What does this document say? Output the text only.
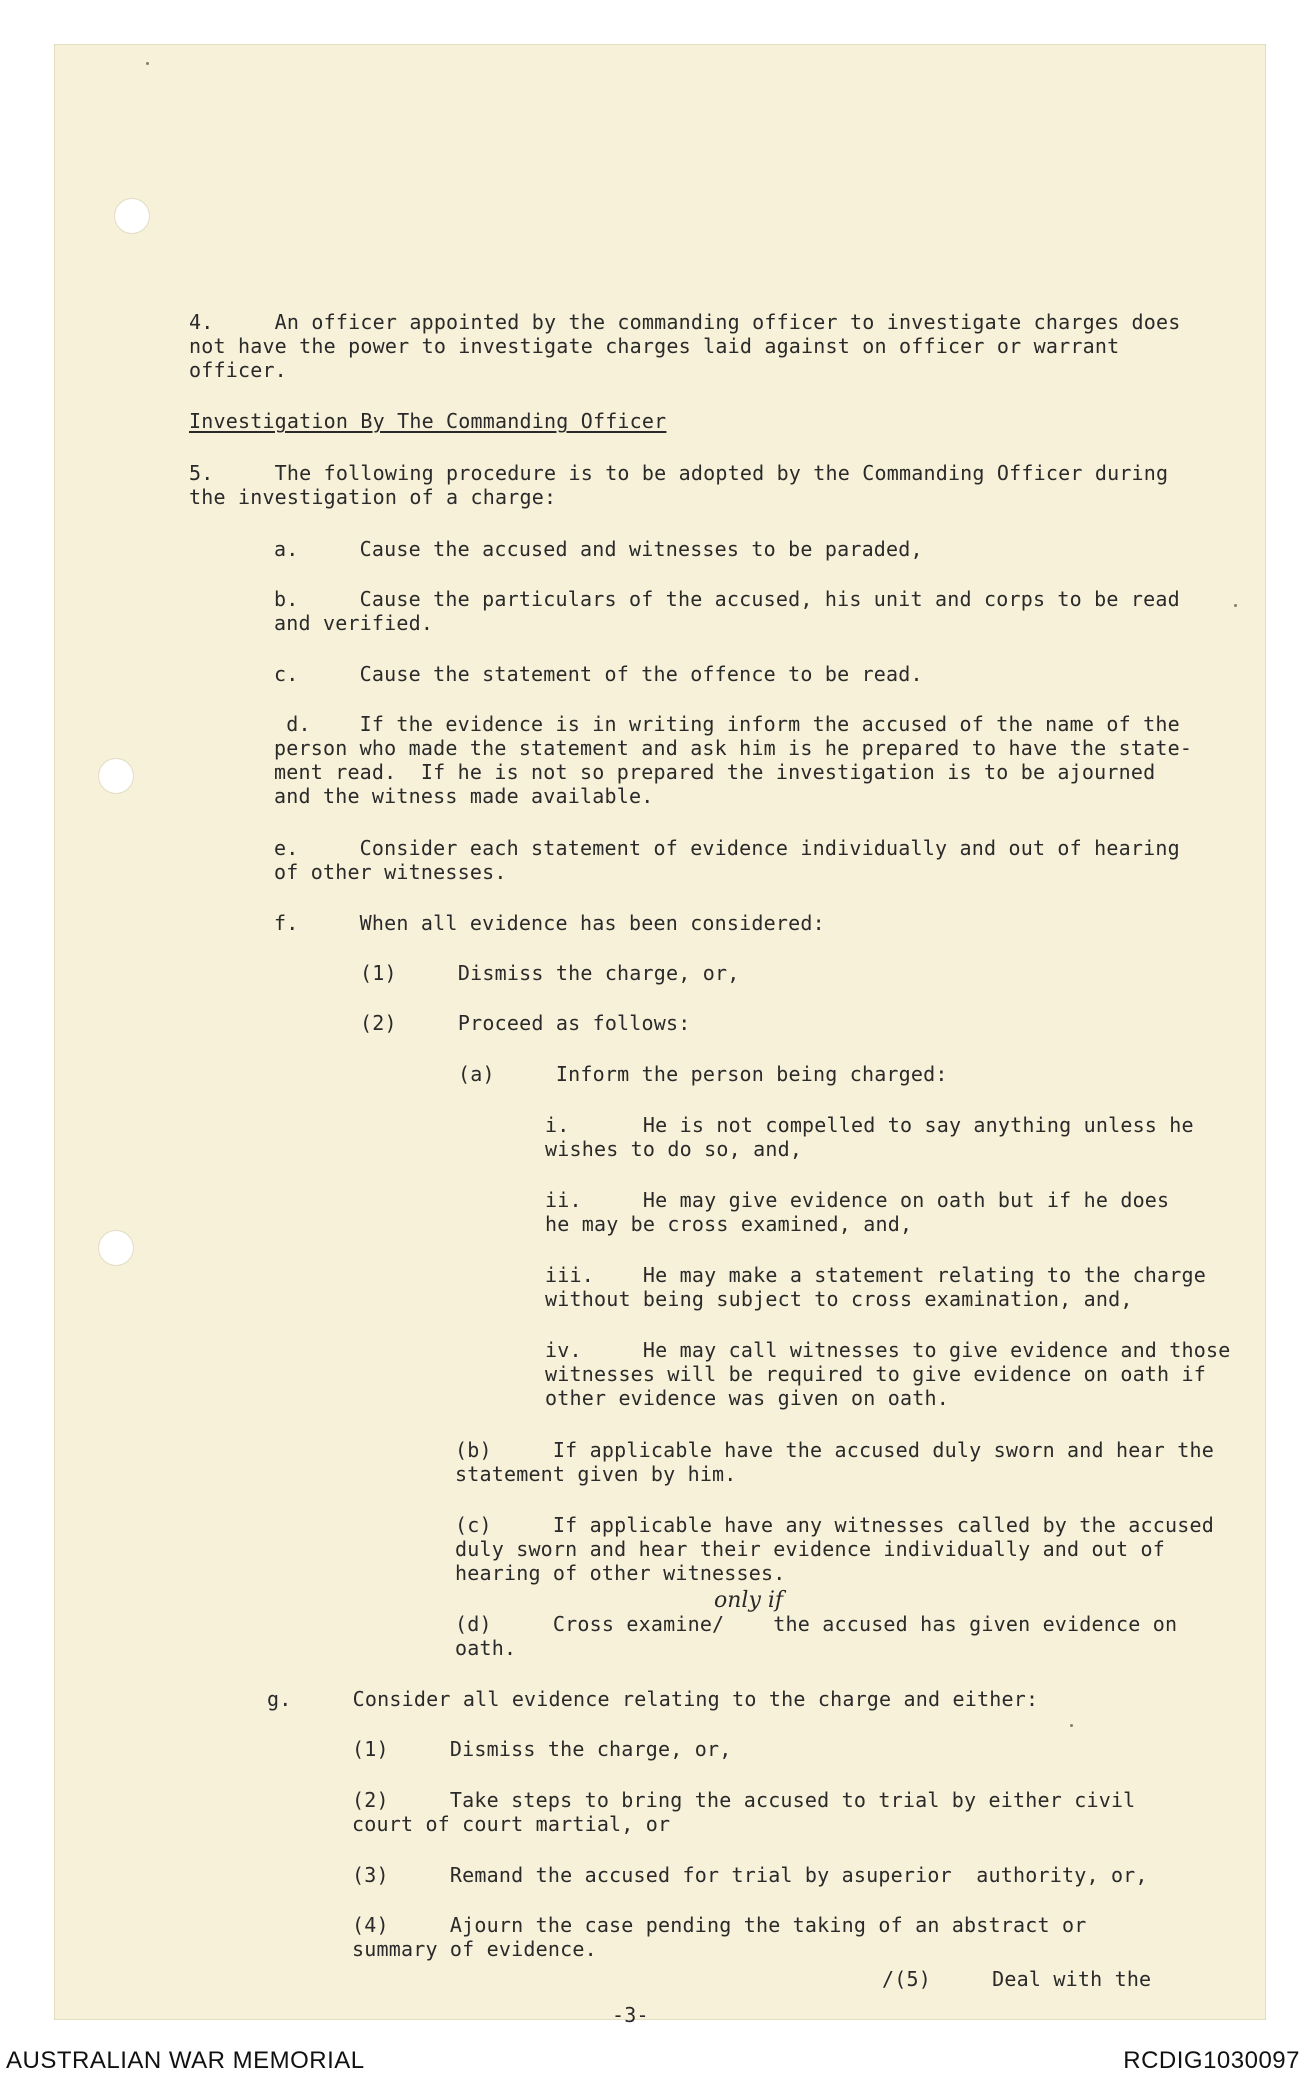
4.     An officer appointed by the commanding officer to investigate charges does
not have the power to investigate charges laid against on officer or warrant
officer.
Investigation By The Commanding Officer
5.     The following procedure is to be adopted by the Commanding Officer during
the investigation of a charge:
a.     Cause the accused and witnesses to be paraded,
b.     Cause the particulars of the accused, his unit and corps to be read
and verified.
c.     Cause the statement of the offence to be read.
d.    If the evidence is in writing inform the accused of the name of the
person who made the statement and ask him is he prepared to have the state-
ment read.  If he is not so prepared the investigation is to be ajourned
and the witness made available.
e.     Consider each statement of evidence individually and out of hearing
of other witnesses.
f.     When all evidence has been considered:
(1)     Dismiss the charge, or,
(2)     Proceed as follows:
(a)     Inform the person being charged:
i.      He is not compelled to say anything unless he
wishes to do so, and,
ii.     He may give evidence on oath but if he does
he may be cross examined, and,
iii.    He may make a statement relating to the charge
without being subject to cross examination, and,
iv.     He may call witnesses to give evidence and those
witnesses will be required to give evidence on oath if
other evidence was given on oath.
(b)     If applicable have the accused duly sworn and hear the
statement given by him.
(c)     If applicable have any witnesses called by the accused
duly sworn and hear their evidence individually and out of
hearing of other witnesses.
only if
(d)     Cross examine/    the accused has given evidence on
oath.
g.     Consider all evidence relating to the charge and either:
(1)     Dismiss the charge, or,
(2)     Take steps to bring the accused to trial by either civil
court of court martial, or
(3)     Remand the accused for trial by asuperior  authority, or,
(4)     Ajourn the case pending the taking of an abstract or
summary of evidence.
/(5)     Deal with the
-3-
AUSTRALIAN WAR MEMORIAL	RCDIG1030097
